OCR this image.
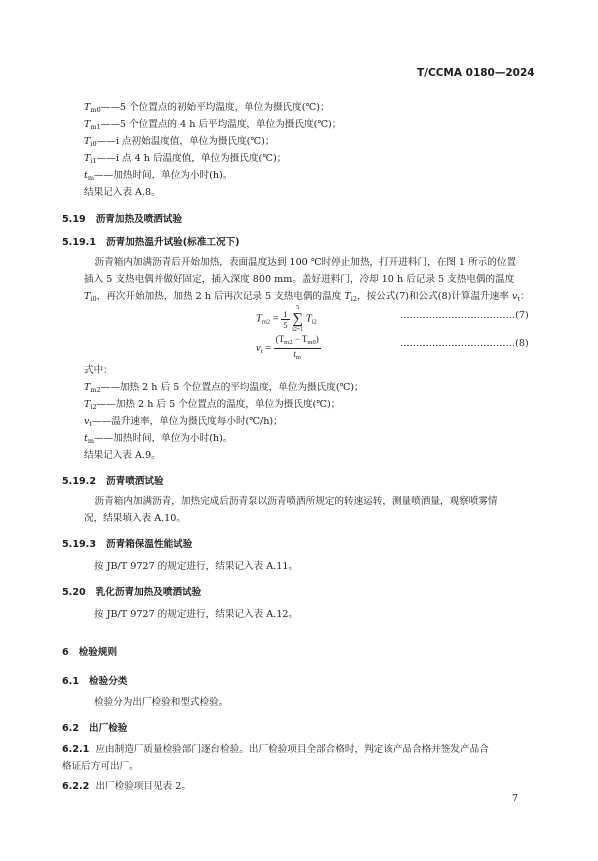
T/CCMA 0180—2024
$T_{m0}——5$ 个位置点的初始平均温度，单位为摄氏度(℃)；
$T_{m1}——5$ 个位置点的 4 h 后平均温度，单位为摄氏度(℃)；
$T_{i0}——i$ 点初始温度值，单位为摄氏度(℃)；
$T_{i1}——i$ 点 4 h 后温度值，单位为摄氏度(℃)；
$t_m——$加热时间，单位为小时(h)。
结果记入表 A.8。
5.19 沥青加热及喷洒试验
5.19.1 沥青加热温升试验(标准工况下)
沥青箱内加满沥青后开始加热，表面温度达到 100 ℃时停止加热，打开进料门，在图 1 所示的位置
插入 5 支热电偶并做好固定，插入深度 800 mm。盖好进料门，冷却 10 h 后记录 5 支热电偶的温度
$T_{i0}$，再次开始加热，加热 2 h 后再次记录 5 支热电偶的温度 $T_{i2}$，按公式(7)和公式(8)计算温升速率 $v_t$：
$T_{m2} = \frac{1}{5}$

5
∑
i2=1
$T_{i2}$
………………………………(7)
$v_t = \frac{(T_{m2} - T_{m0})}{t_m}$	………………………………(8)
式中：
$T_{m2}——$加热 2 h 后 5 个位置点的平均温度，单位为摄氏度(℃)；
$T_{i2}——$加热 2 h 后 5 个位置点的温度，单位为摄氏度(℃)；
$v_t——$温升速率，单位为摄氏度每小时(℃/h)；
$t_m——$加热时间，单位为小时(h)。
结果记入表 A.9。
5.19.2 沥青喷洒试验
沥青箱内加满沥青，加热完成后沥青泵以沥青喷洒所规定的转速运转，测量喷洒量，观察喷雾情
况，结果填入表 A.10。
5.19.3 沥青箱保温性能试验
按 JB/T 9727 的规定进行，结果记入表 A.11。
5.20 乳化沥青加热及喷洒试验
按 JB/T 9727 的规定进行，结果记入表 A.12。
6 检验规则
6.1 检验分类
检验分为出厂检验和型式检验。
6.2 出厂检验
6.2.1 应由制造厂质量检验部门逐台检验。出厂检验项目全部合格时，判定该产品合格并签发产品合
格证后方可出厂。
6.2.2 出厂检验项目见表 2。
7
